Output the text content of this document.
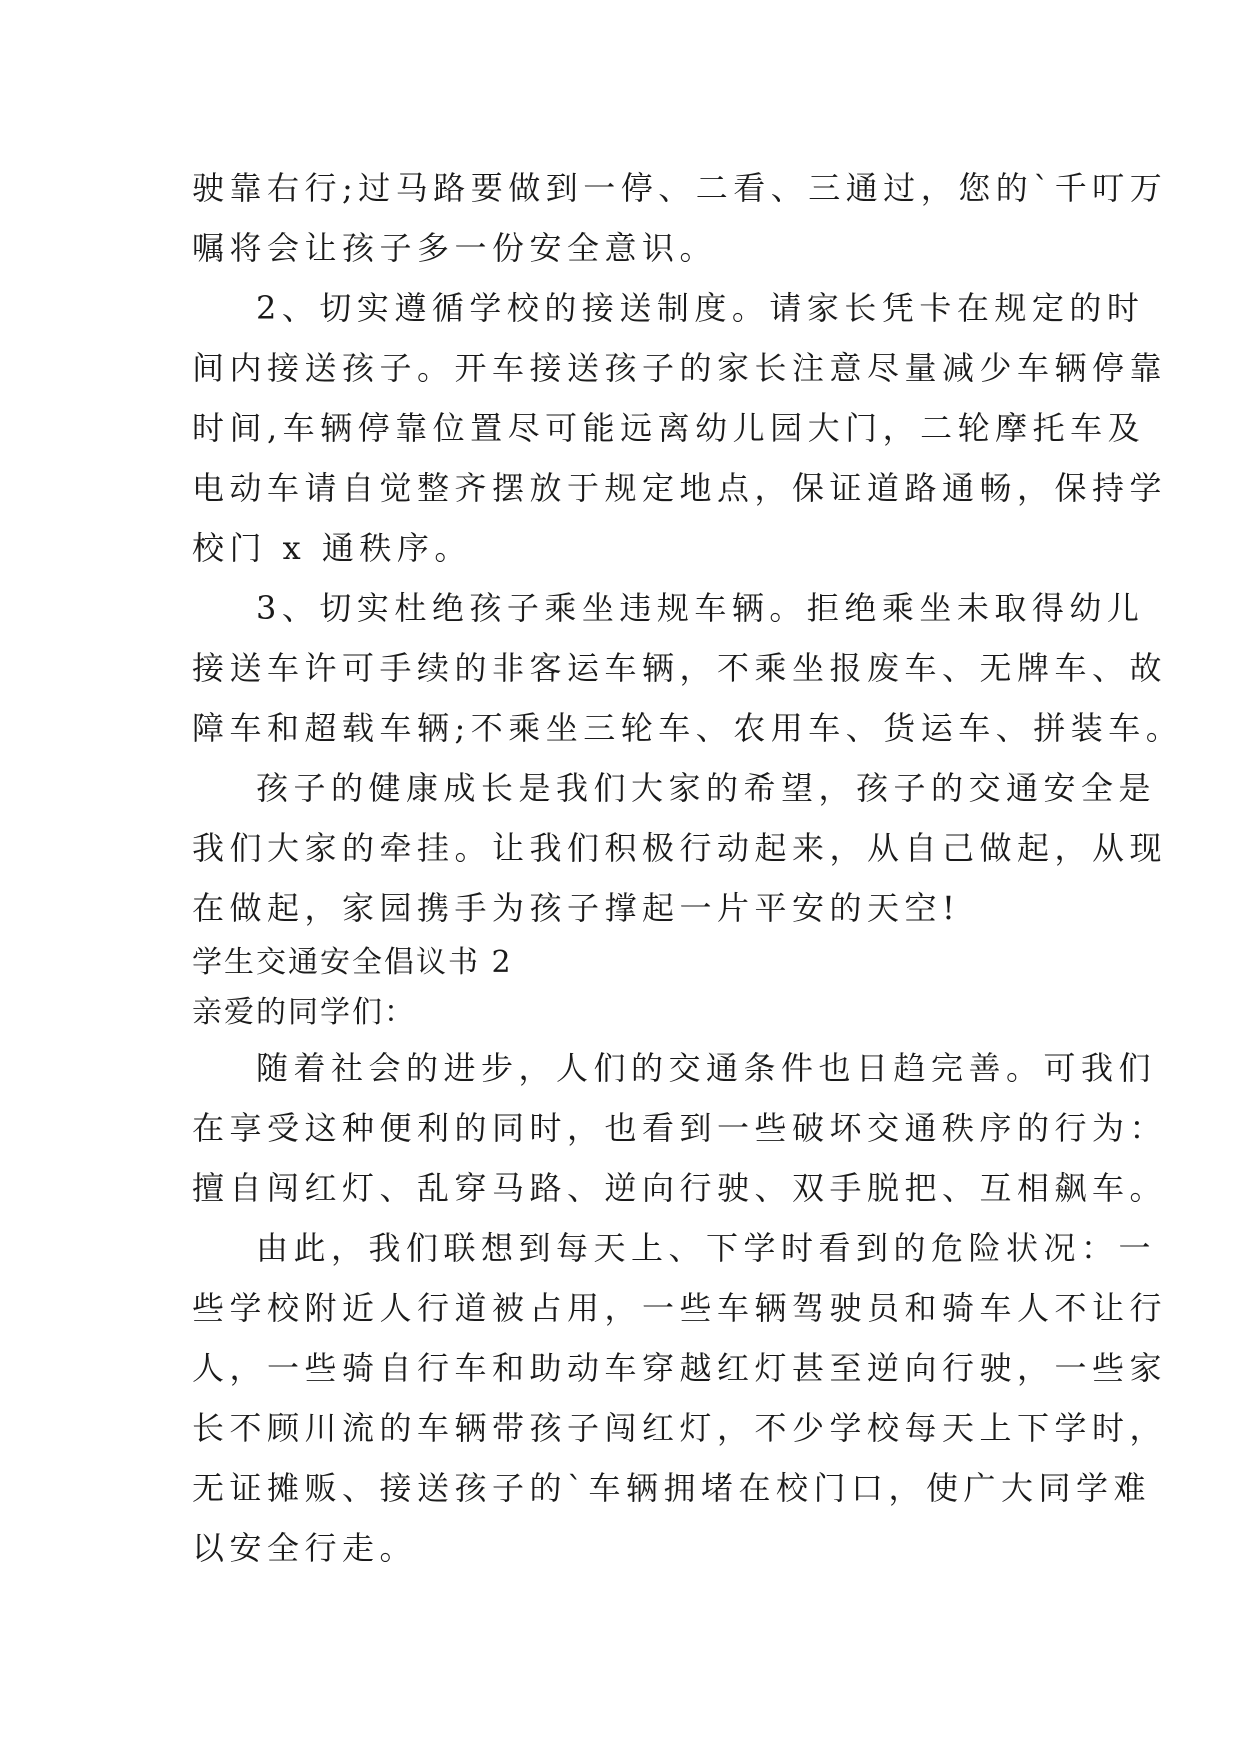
驶靠右行;过马路要做到一停、二看、三通过，您的`千叮万
嘱将会让孩子多一份安全意识。
2、切实遵循学校的接送制度。请家长凭卡在规定的时
间内接送孩子。开车接送孩子的家长注意尽量减少车辆停靠
时间,车辆停靠位置尽可能远离幼儿园大门，二轮摩托车及
电动车请自觉整齐摆放于规定地点，保证道路通畅，保持学
校门 x 通秩序。
3、切实杜绝孩子乘坐违规车辆。拒绝乘坐未取得幼儿
接送车许可手续的非客运车辆，不乘坐报废车、无牌车、故
障车和超载车辆;不乘坐三轮车、农用车、货运车、拼装车。
孩子的健康成长是我们大家的希望，孩子的交通安全是
我们大家的牵挂。让我们积极行动起来，从自己做起，从现
在做起，家园携手为孩子撑起一片平安的天空!
学生交通安全倡议书 2
亲爱的同学们：
随着社会的进步，人们的交通条件也日趋完善。可我们
在享受这种便利的同时，也看到一些破坏交通秩序的行为：
擅自闯红灯、乱穿马路、逆向行驶、双手脱把、互相飙车。
由此，我们联想到每天上、下学时看到的危险状况：一
些学校附近人行道被占用，一些车辆驾驶员和骑车人不让行
人，一些骑自行车和助动车穿越红灯甚至逆向行驶，一些家
长不顾川流的车辆带孩子闯红灯，不少学校每天上下学时，
无证摊贩、接送孩子的`车辆拥堵在校门口，使广大同学难
以安全行走。
